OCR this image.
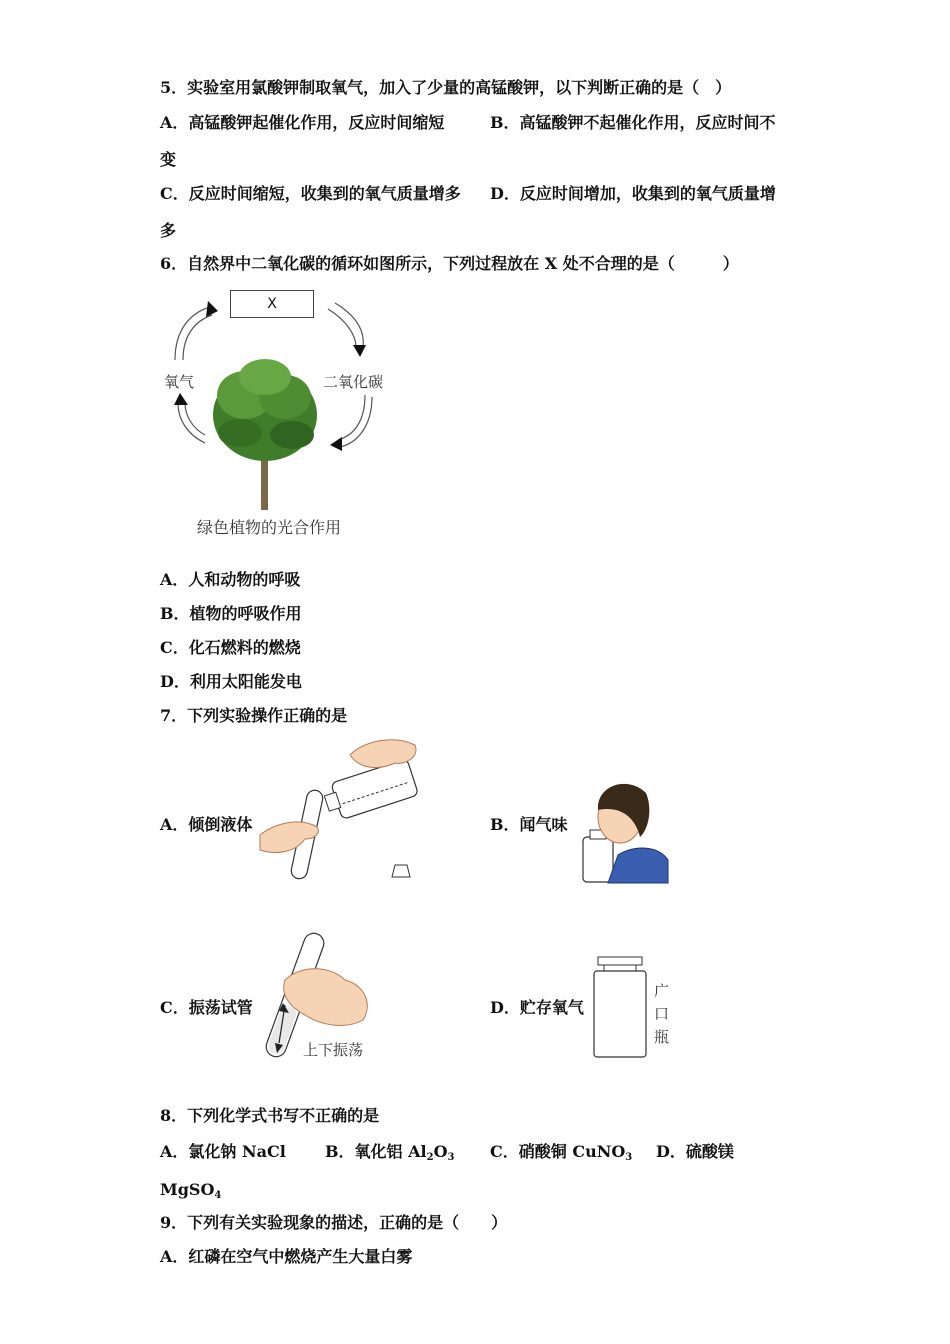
5．实验室用氯酸钾制取氧气，加入了少量的高锰酸钾，以下判断正确的是（　）
A．高锰酸钾起催化作用，反应时间缩短	B．高锰酸钾不起催化作用，反应时间不
变
C．反应时间缩短，收集到的氧气质量增多 D．反应时间增加，收集到的氧气质量增
多
6．自然界中二氧化碳的循环如图所示，下列过程放在 X 处不合理的是（　　　）
X
氧气	二氧化碳
绿色植物的光合作用
A．人和动物的呼吸
B．植物的呼吸作用
C．化石燃料的燃烧
D．利用太阳能发电
7．下列实验操作正确的是
A．倾倒液体	B．闻气味
C．振荡试管
上下振荡
D．贮存氧气
广
口
瓶
8．下列化学式书写不正确的是
A．氯化钠 NaCl B．氧化铝 $Al_2O_3$ C．硝酸铜 CuNO$_3$ D．硫酸镁
MgSO$_4$
9．下列有关实验现象的描述，正确的是（　　）
A．红磷在空气中燃烧产生大量白雾
